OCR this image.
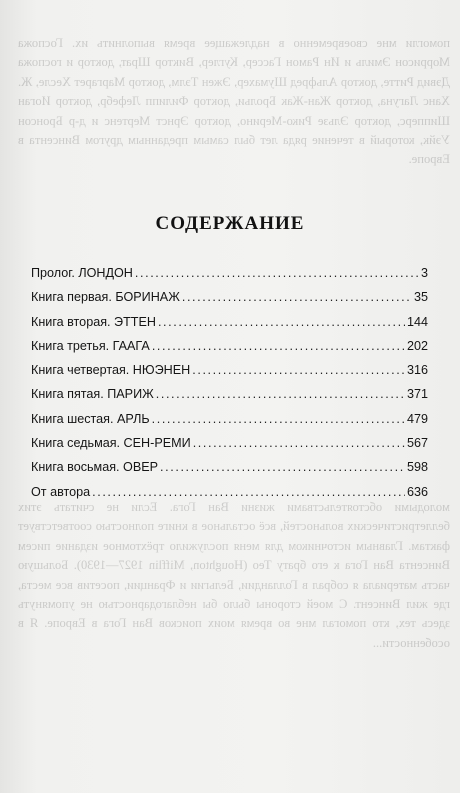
помогли мне своевременно в надлежащее время выполнить их. Госпожа Моррисон Эмиль и Ин Рамон Гассер, Куглер, Виктор Шрат, доктор и госпожа Дэвид Ритте, доктор Альфред Шумахер, Эжен Тэлм, доктор Маргарет Хесле, Ж. Ханс Лагуна, доктор Жан-Жак Брольи, доктор Филипп Лефебр, доктор Иоган Шипперс, доктор Эльзе Рико-Мерино, доктор Эрнст Мертенс и д-р Бронсон Уэйк, который в течение ряда лет был самым преданным другом Винсента в Европе.
СОДЕРЖАНИЕ
Пролог. ЛОНДОН .....	3
Книга первая. БОРИНАЖ .....	35
Книга вторая. ЭТТЕН .....	144
Книга третья. ГААГА .....	202
Книга четвертая. НЮЭНЕН .....	316
Книга пятая. ПАРИЖ .....	371
Книга шестая. АРЛЬ .....	479
Книга седьмая. СЕН-РЕМИ .....	567
Книга восьмая. ОВЕР .....	598
От автора .....	636
молодыми обстоятельствами жизни Ван Гога. Если не считать этих беллетристических вольностей, всё остальное в книге полностью соответствует фактам. Главным источником для меня послужило трёхтомное издание писем Винсента Ван Гога к его брату Тео (Houghton, Mifflin 1927—1930). Большую часть материала я собрал в Голландии, Бельгии и Франции, посетив все места, где жил Винсент. С моей стороны было бы неблагодарностью не упомянуть здесь тех, кто помогал мне во время моих поисков Ван Гога в Европе. Я в особенности...
